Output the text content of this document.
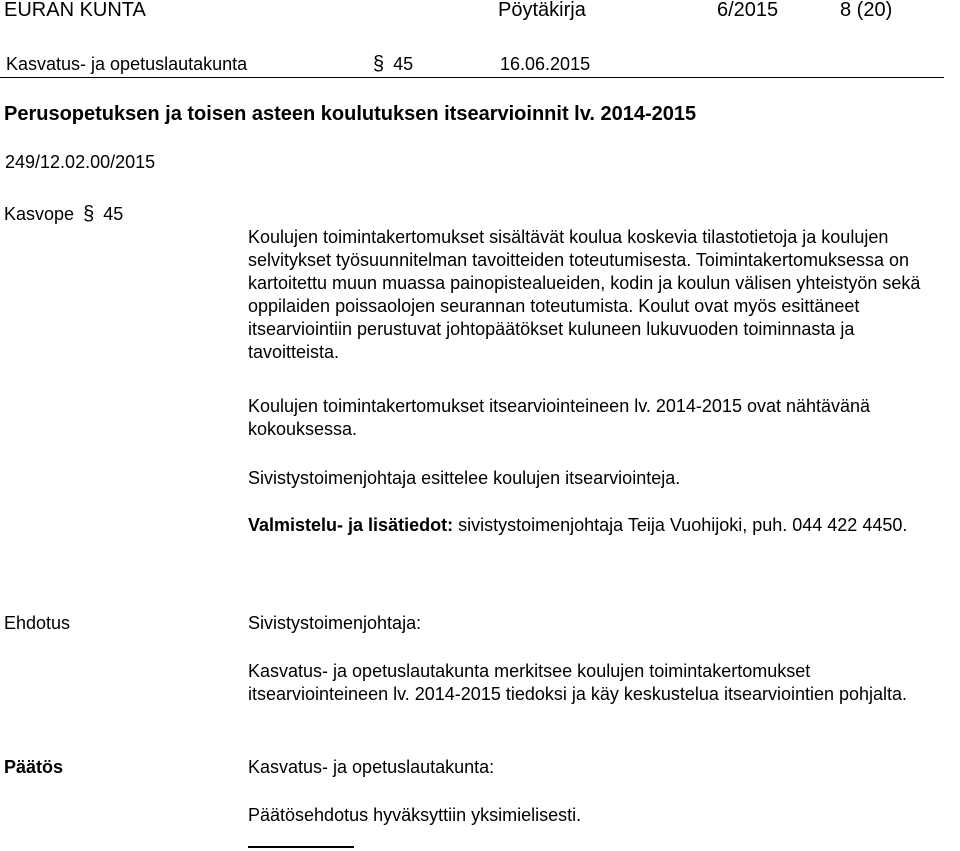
EURAN KUNTA	Pöytäkirja	6/2015	8 (20)
Kasvatus- ja opetuslautakunta	§ 45	16.06.2015
Perusopetuksen ja toisen asteen koulutuksen itsearvioinnit lv. 2014-2015
249/12.02.00/2015
Kasvope § 45

Koulujen toimintakertomukset sisältävät koulua koskevia tilastotietoja ja koulujen selvitykset työsuunnitelman tavoitteiden toteutumisesta. Toimintakertomuksessa on kartoitettu muun muassa painopistealueiden, kodin ja koulun välisen yhteistyön sekä oppilaiden poissaolojen seurannan toteutumista. Koulut ovat myös esittäneet itsearviointiin perustuvat johtopäätökset kuluneen lukuvuoden toiminnasta ja tavoitteista.

Koulujen toimintakertomukset itsearviointeineen lv. 2014-2015 ovat nähtävänä kokouksessa.

Sivistystoimenjohtaja esittelee koulujen itsearviointeja.

Valmistelu- ja lisätiedot: sivistystoimenjohtaja Teija Vuohijoki, puh. 044 422 4450.

Ehdotus	Sivistystoimenjohtaja:

Kasvatus- ja opetuslautakunta merkitsee koulujen toimintakertomukset itsearviointeineen lv. 2014-2015 tiedoksi ja käy keskustelua itsearviointien pohjalta.

Päätös	Kasvatus- ja opetuslautakunta:
Päätösehdotus hyväksyttiin yksimielisesti.
